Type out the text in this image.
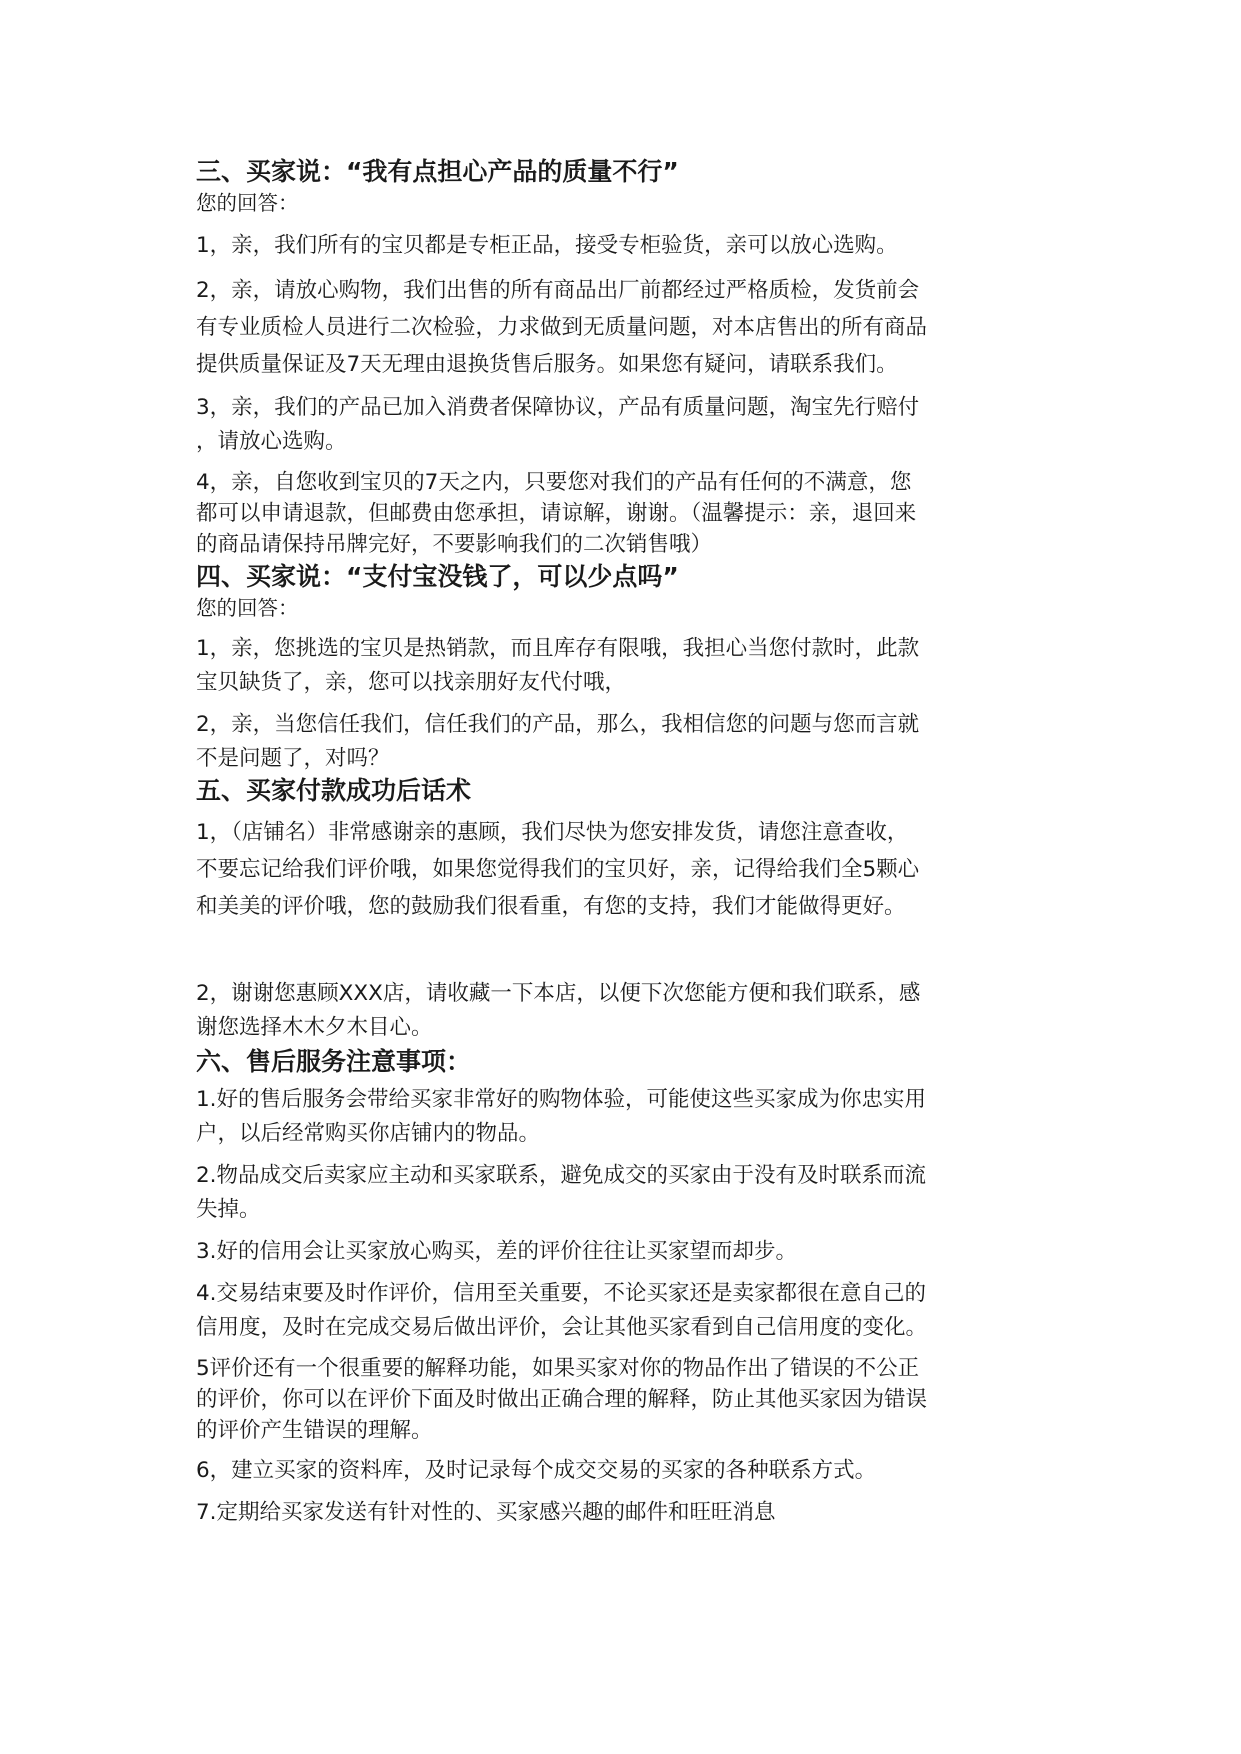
三、买家说：“我有点担心产品的质量不行”

您的回答：

1，亲，我们所有的宝贝都是专柜正品，接受专柜验货，亲可以放心选购。

2，亲，请放心购物，我们出售的所有商品出厂前都经过严格质检，发货前会
有专业质检人员进行二次检验，力求做到无质量问题，对本店售出的所有商品
提供质量保证及7天无理由退换货售后服务。如果您有疑问，请联系我们。

3，亲，我们的产品已加入消费者保障协议，产品有质量问题，淘宝先行赔付
，请放心选购。

4，亲，自您收到宝贝的7天之内，只要您对我们的产品有任何的不满意，您
都可以申请退款，但邮费由您承担，请谅解，谢谢。（温馨提示：亲，退回来
的商品请保持吊牌完好，不要影响我们的二次销售哦）

四、买家说：“支付宝没钱了，可以少点吗”

您的回答：

1，亲，您挑选的宝贝是热销款，而且库存有限哦，我担心当您付款时，此款
宝贝缺货了，亲，您可以找亲朋好友代付哦，

2，亲，当您信任我们，信任我们的产品，那么，我相信您的问题与您而言就
不是问题了，对吗？

五、买家付款成功后话术

1，（店铺名）非常感谢亲的惠顾，我们尽快为您安排发货，请您注意查收，
不要忘记给我们评价哦，如果您觉得我们的宝贝好，亲，记得给我们全5颗心
和美美的评价哦，您的鼓励我们很看重，有您的支持，我们才能做得更好。

2，谢谢您惠顾XXX店，请收藏一下本店，以便下次您能方便和我们联系，感
谢您选择木木夕木目心。

六、售后服务注意事项：

1.好的售后服务会带给买家非常好的购物体验，可能使这些买家成为你忠实用
户，以后经常购买你店铺内的物品。

2.物品成交后卖家应主动和买家联系，避免成交的买家由于没有及时联系而流
失掉。

3.好的信用会让买家放心购买，差的评价往往让买家望而却步。

4.交易结束要及时作评价，信用至关重要，不论买家还是卖家都很在意自己的
信用度，及时在完成交易后做出评价，会让其他买家看到自己信用度的变化。

5评价还有一个很重要的解释功能，如果买家对你的物品作出了错误的不公正
的评价，你可以在评价下面及时做出正确合理的解释，防止其他买家因为错误
的评价产生错误的理解。

6，建立买家的资料库，及时记录每个成交交易的买家的各种联系方式。

7.定期给买家发送有针对性的、买家感兴趣的邮件和旺旺消息
